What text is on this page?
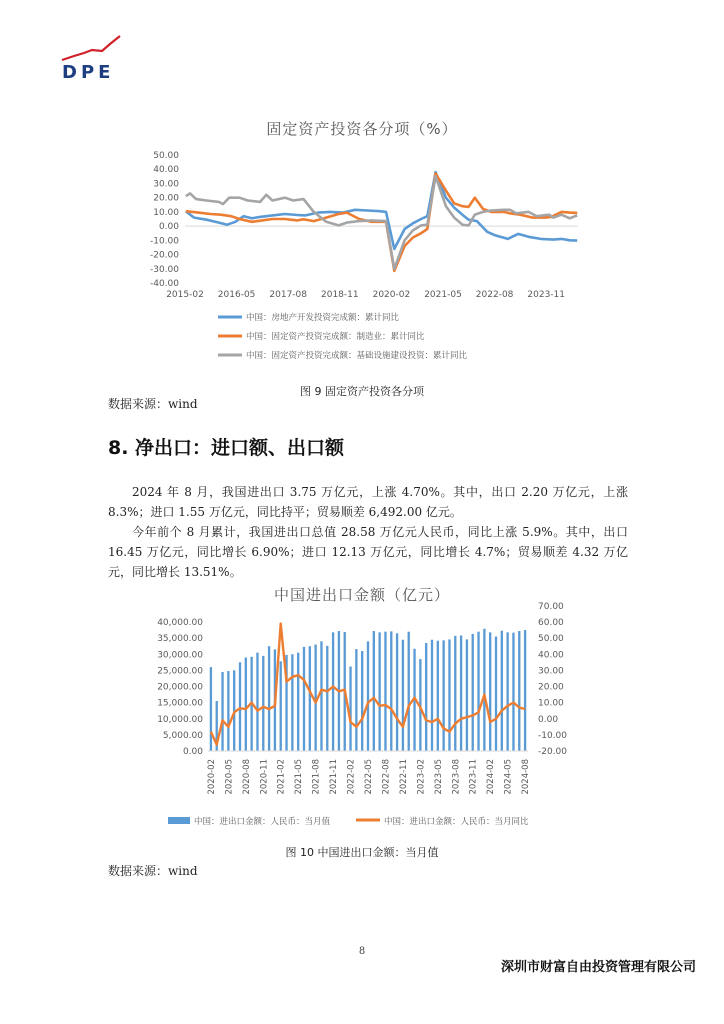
DPE
固定资产投资各分项（%）
50.00
40.00
30.00
20.00
10.00
0.00
-10.00
-20.00
-30.00
-40.00
2015-02 2016-05 2017-08 2018-11 2020-02 2021-05 2022-08 2023-11
中国：房地产开发投资完成额：累计同比
中国：固定资产投资完成额：制造业：累计同比
中国：固定资产投资完成额：基础设施建设投资：累计同比
图 9 固定资产投资各分项
数据来源：wind
8. 净出口：进口额、出口额
2024 年 8 月，我国进出口 3.75 万亿元，上涨 4.70%。其中，出口 2.20 万亿元，上涨 8.3%；进口 1.55 万亿元，同比持平；贸易顺差 6,492.00 亿元。
今年前个 8 月累计，我国进出口总值 28.58 万亿元人民币，同比上涨 5.9%。其中，出口 16.45 万亿元，同比增长 6.90%；进口 12.13 万亿元，同比增长 4.7%；贸易顺差 4.32 万亿元，同比增长 13.51%。
中国进出口金额（亿元）
40,000.00
35,000.00
30,000.00
25,000.00
20,000.00
15,000.00
10,000.00
5,000.00
0.00
70.00
60.00
50.00
40.00
30.00
20.00
10.00
0.00
-10.00
-20.00
2020-02 2020-05 2020-08 2020-11 2021-02 2021-05 2021-08 2021-11 2022-02 2022-05 2022-08 2022-11 2023-02 2023-05 2023-08 2023-11 2024-02 2024-05 2024-08
中国：进出口金额：人民币：当月值	中国：进出口金额：人民币：当月同比
图 10 中国进出口金额：当月值
数据来源：wind
8
深圳市财富自由投资管理有限公司
